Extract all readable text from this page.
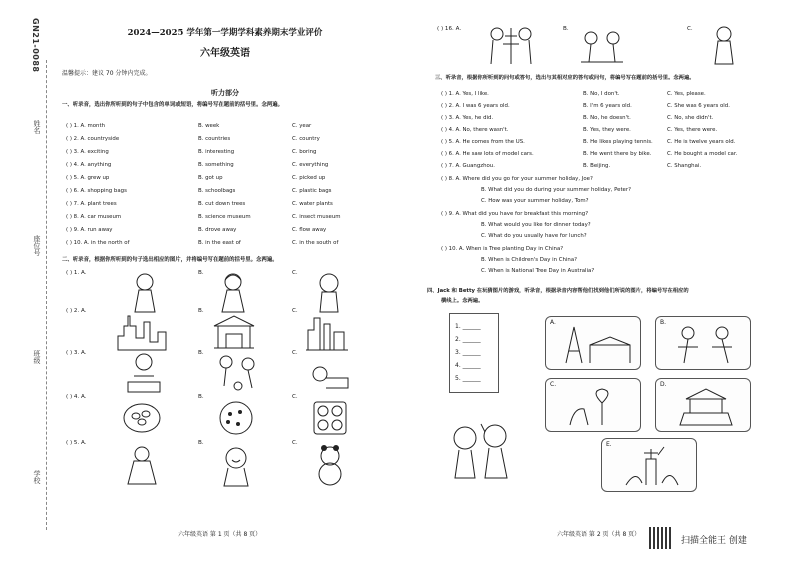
GN21-0088
姓名
座位号
班级
学校
2024—2025 学年第一学期学科素养期末学业评价
六年级英语
温馨提示：建议 70 分钟内完成。
听力部分
一、听录音，选出你所听到的句子中包含的单词或短语，将编号写在题前的括号里。念两遍。
( ) 1. A. month	B. week	C. year
( ) 2. A. countryside	B. countries	C. country
( ) 3. A. exciting	B. interesting	C. boring
( ) 4. A. anything	B. something	C. everything
( ) 5. A. grew up	B. got up	C. picked up
( ) 6. A. shopping bags	B. schoolbags	C. plastic bags
( ) 7. A. plant trees	B. cut down trees	C. water plants
( ) 8. A. car museum	B. science museum	C. insect museum
( ) 9. A. run away	B. drove away	C. flow away
( ) 10. A. in the north of	B. in the east of	C. in the south of
二、听录音，根据你所听到的句子选出相应的图片，并将编号写在题前的括号里。念两遍。
( ) 1. A.	B.	C.
( ) 2. A.	B.	C.
( ) 3. A.	B.	C.
( ) 4. A.	B.	C.
( ) 5. A.	B.	C.
六年级英语 第 1 页（共 8 页）
( ) 16. A.	B.	C.
三、听录音，根据你所听到的问句或答句，选出与其相对应的答句或问句，将编号写在题前的括号里。念两遍。
( ) 1. A. Yes, I like.	B. No, I don't.	C. Yes, please.
( ) 2. A. I was 6 years old.	B. I'm 6 years old.	C. She was 6 years old.
( ) 3. A. Yes, he did.	B. No, he doesn't.	C. No, she didn't.
( ) 4. A. No, there wasn't.	B. Yes, they were.	C. Yes, there were.
( ) 5. A. He comes from the US.	B. He likes playing tennis.	C. He is twelve years old.
( ) 6. A. He saw lots of model cars.	B. He went there by bike.	C. He bought a model car.
( ) 7. A. Guangzhou.	B. Beijing.	C. Shanghai.
( ) 8. A. Where did you go for your summer holiday, Joe?
B. What did you do during your summer holiday, Peter?
C. How was your summer holiday, Tom?
( ) 9. A. What did you have for breakfast this morning?
B. What would you like for dinner today?
C. What do you usually have for lunch?
( ) 10. A. When is Tree planting Day in China?
B. When is Children's Day in China?
C. When is National Tree Day in Australia?
四、Jack 和 Betty 在玩猜图片的游戏，听录音，根据录音内容帮他们找到他们所说的图片，将编号写在相应的
横线上。念两遍。
1. ______
2. ______
3. ______
4. ______
5. ______
A.	B.
C.	D.
E.
六年级英语 第 2 页（共 8 页）
扫描全能王 创建
